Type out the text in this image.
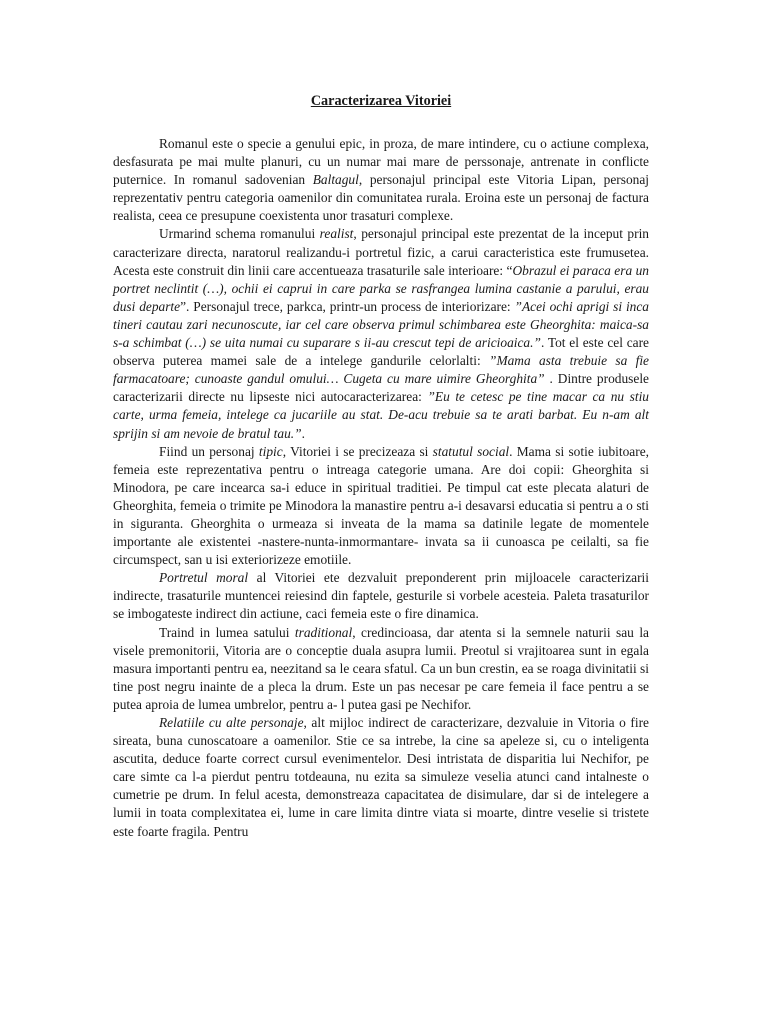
Caracterizarea Vitoriei

Romanul este o specie a genului epic, in proza, de mare intindere, cu o actiune complexa, desfasurata pe mai multe planuri, cu un numar mai mare de perssonaje, antrenate in conflicte puternice. In romanul sadovenian Baltagul, personajul principal este Vitoria Lipan, personaj reprezentativ pentru categoria oamenilor din comunitatea rurala. Eroina este un personaj de factura realista, ceea ce presupune coexistenta unor trasaturi complexe.

Urmarind schema romanului realist, personajul principal este prezentat de la inceput prin caracterizare directa, naratorul realizandu-i portretul fizic, a carui caracteristica este frumusetea. Acesta este construit din linii care accentueaza trasaturile sale interioare: “Obrazul ei paraca era un portret neclintit (…), ochii ei caprui in care parka se rasfrangea lumina castanie a parului, erau dusi departe”. Personajul trece, parkca, printr-un process de interiorizare: ”Acei ochi aprigi si inca tineri cautau zari necunoscute, iar cel care observa primul schimbarea este Gheorghita: maica-sa s-a schimbat (…) se uita numai cu suparare s ii-au crescut tepi de aricioaica.”. Tot el este cel care observa puterea mamei sale de a intelege gandurile celorlalti: ”Mama asta trebuie sa fie farmacatoare; cunoaste gandul omului… Cugeta cu mare uimire Gheorghita” . Dintre produsele caracterizarii directe nu lipseste nici autocaracterizarea: ”Eu te cetesc pe tine macar ca nu stiu carte, urma femeia, intelege ca jucariile au stat. De-acu trebuie sa te arati barbat. Eu n-am alt sprijin si am nevoie de bratul tau.”.

Fiind un personaj tipic, Vitoriei i se precizeaza si statutul social. Mama si sotie iubitoare, femeia este reprezentativa pentru o intreaga categorie umana. Are doi copii: Gheorghita si Minodora, pe care incearca sa-i educe in spiritual traditiei. Pe timpul cat este plecata alaturi de Gheorghita, femeia o trimite pe Minodora la manastire pentru a-i desavarsi educatia si pentru a o sti in siguranta. Gheorghita o urmeaza si inveata de la mama sa datinile legate de momentele importante ale existentei -nastere-nunta-inmormantare- invata sa ii cunoasca pe ceilalti, sa fie circumspect, san u isi exteriorizeze emotiile.

Portretul moral al Vitoriei ete dezvaluit preponderent prin mijloacele caracterizarii indirecte, trasaturile muntencei reiesind din faptele, gesturile si vorbele acesteia. Paleta trasaturilor se imbogateste indirect din actiune, caci femeia este o fire dinamica.

Traind in lumea satului traditional, credincioasa, dar atenta si la semnele naturii sau la visele premonitorii, Vitoria are o conceptie duala asupra lumii. Preotul si vrajitoarea sunt in egala masura importanti pentru ea, neezitand sa le ceara sfatul. Ca un bun crestin, ea se roaga divinitatii si tine post negru inainte de a pleca la drum. Este un pas necesar pe care femeia il face pentru a se putea aproia de lumea umbrelor, pentru a- l putea gasi pe Nechifor.

Relatiile cu alte personaje, alt mijloc indirect de caracterizare, dezvaluie in Vitoria o fire sireata, buna cunoscatoare a oamenilor. Stie ce sa intrebe, la cine sa apeleze si, cu o inteligenta ascutita, deduce foarte correct cursul evenimentelor. Desi intristata de disparitia lui Nechifor, pe care simte ca l-a pierdut pentru totdeauna, nu ezita sa simuleze veselia atunci cand intalneste o cumetrie pe drum. In felul acesta, demonstreaza capacitatea de disimulare, dar si de intelegere a lumii in toata complexitatea ei, lume in care limita dintre viata si moarte, dintre veselie si tristete este foarte fragila. Pentru
